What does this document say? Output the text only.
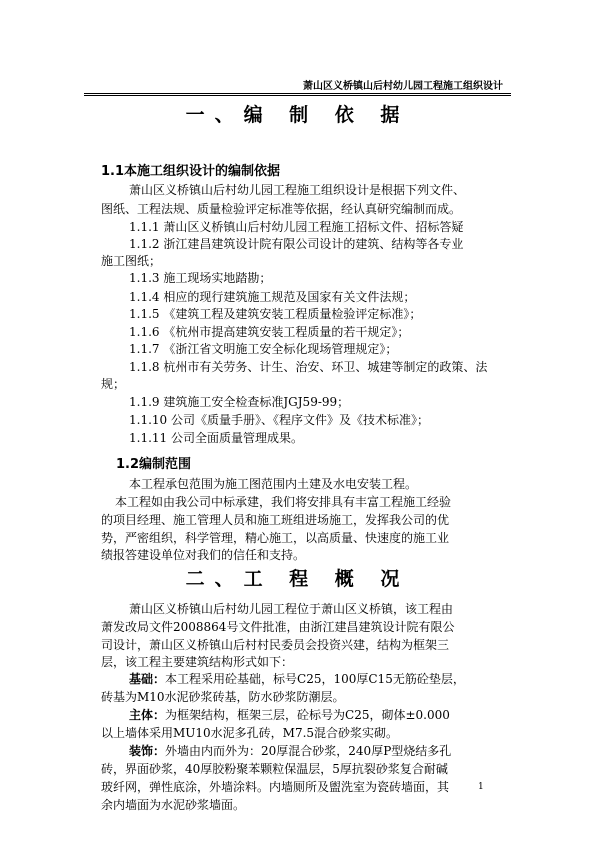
萧山区义桥镇山后村幼儿园工程施工组织设计
一、编 制 依 据
1.1本施工组织设计的编制依据
萧山区义桥镇山后村幼儿园工程施工组织设计是根据下列文件、
图纸、工程法规、质量检验评定标准等依据，经认真研究编制而成。
1.1.1 萧山区义桥镇山后村幼儿园工程施工招标文件、招标答疑
1.1.2 浙江建昌建筑设计院有限公司设计的建筑、结构等各专业
施工图纸；
1.1.3 施工现场实地踏勘；
1.1.4 相应的现行建筑施工规范及国家有关文件法规；
1.1.5 《建筑工程及建筑安装工程质量检验评定标准》；
1.1.6 《杭州市提高建筑安装工程质量的若干规定》；
1.1.7 《浙江省文明施工安全标化现场管理规定》；
1.1.8 杭州市有关劳务、计生、治安、环卫、城建等制定的政策、法
规；
1.1.9 建筑施工安全检查标准JGJ59-99；
1.1.10 公司《质量手册》、《程序文件》及《技术标准》；
1.1.11 公司全面质量管理成果。
1.2编制范围
本工程承包范围为施工图范围内土建及水电安装工程。
本工程如由我公司中标承建，我们将安排具有丰富工程施工经验
的项目经理、施工管理人员和施工班组进场施工，发挥我公司的优
势，严密组织，科学管理，精心施工，以高质量、快速度的施工业
绩报答建设单位对我们的信任和支持。
二、工 程 概 况
萧山区义桥镇山后村幼儿园工程位于萧山区义桥镇，该工程由
萧发改局文件2008864号文件批准，由浙江建昌建筑设计院有限公
司设计，萧山区义桥镇山后村村民委员会投资兴建，结构为框架三
层，该工程主要建筑结构形式如下：
基础：本工程采用砼基础，标号C25，100厚C15无筋砼垫层，
砖基为M10水泥砂浆砖基，防水砂浆防潮层。
主体：为框架结构，框架三层，砼标号为C25，砌体±0.000
以上墙体采用MU10水泥多孔砖，M7.5混合砂浆实砌。
装饰：外墙由内而外为：20厚混合砂浆，240厚P型烧结多孔
砖，界面砂浆，40厚胶粉聚苯颗粒保温层，5厚抗裂砂浆复合耐碱
玻纤网，弹性底涂，外墙涂料。内墙厕所及盥洗室为瓷砖墙面，其
余内墙面为水泥砂浆墙面。
1
